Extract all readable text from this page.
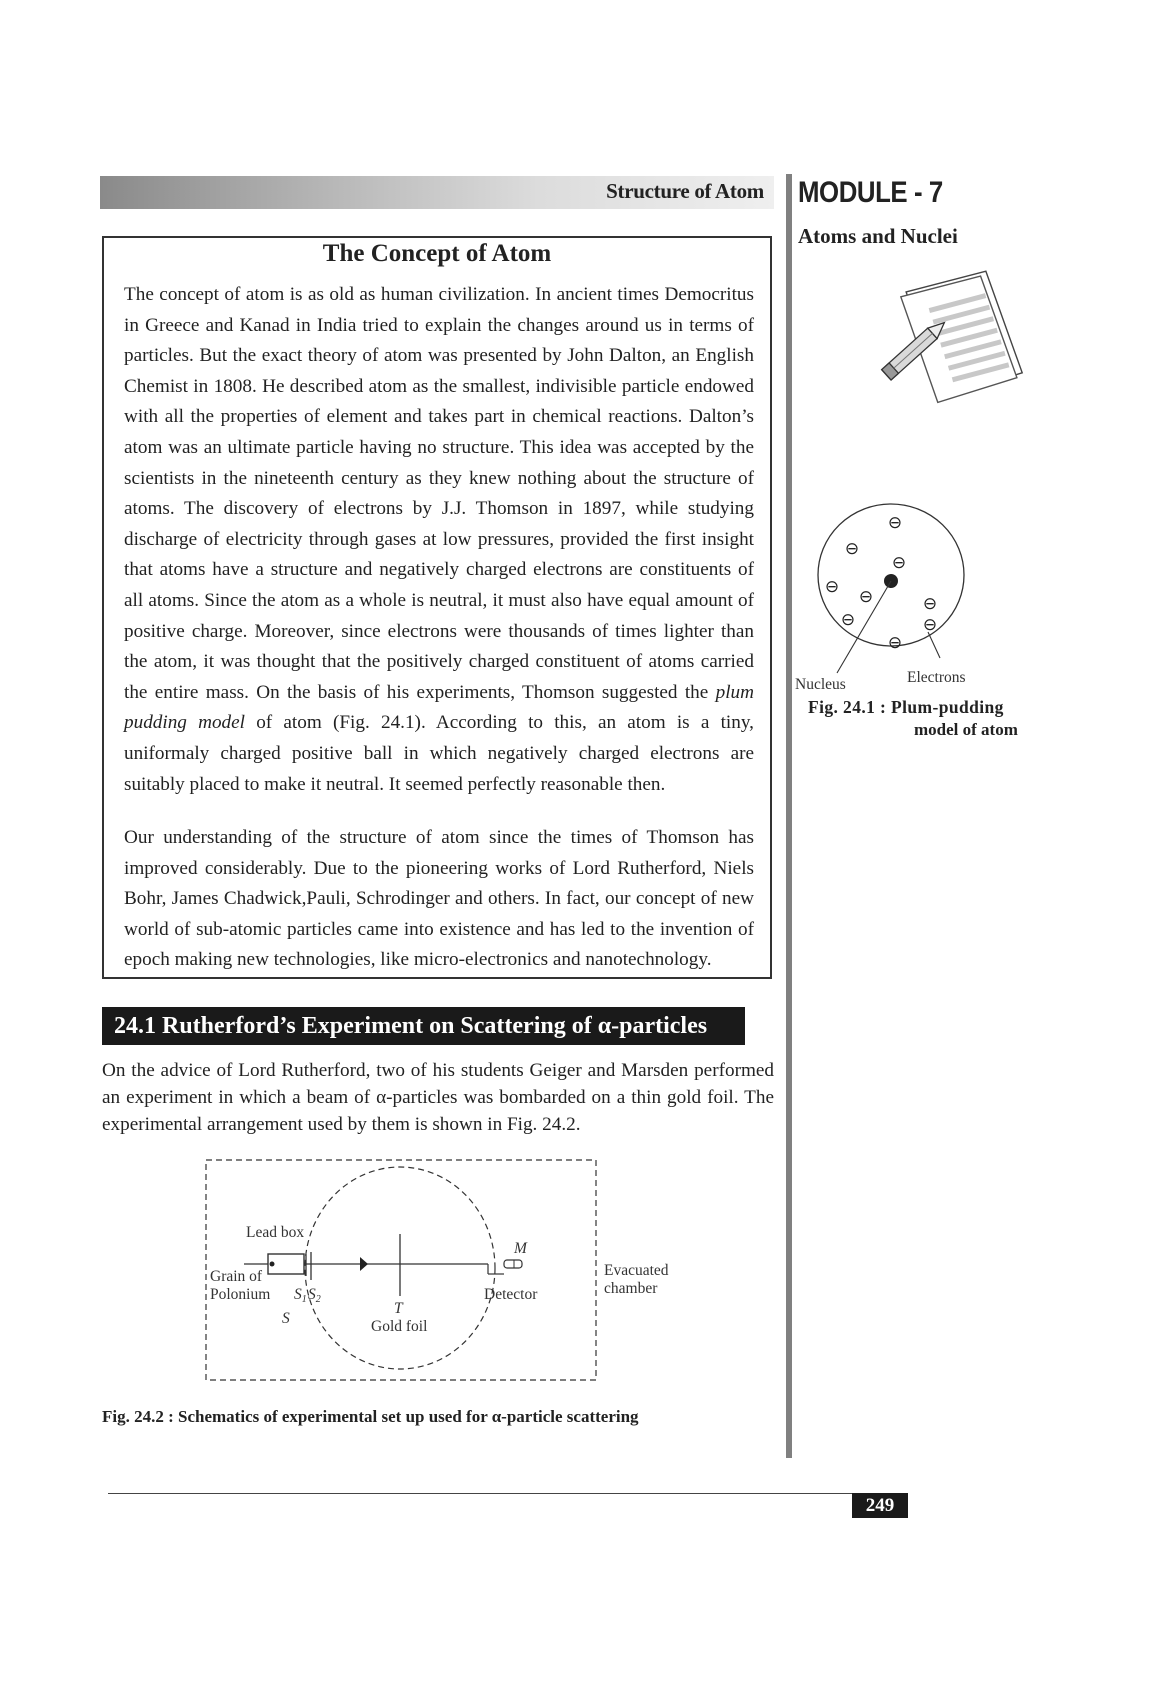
Structure of Atom MODULE - 7
Atoms and Nuclei
⊖
⊖
⊖
⊖ ⊖	⊖
⊖	⊖
⊖
Nucleus	Electrons
Fig. 24.1 : Plum-pudding
model of atom
The Concept of Atom
The concept of atom is as old as human civilization. In ancient times Democritus in Greece and Kanad in India tried to explain the changes around us in terms of particles. But the exact theory of atom was presented by John Dalton, an English Chemist in 1808. He described atom as the smallest, indivisible particle endowed with all the properties of element and takes part in chemical reactions. Dalton’s atom was an ultimate particle having no structure. This idea was accepted by the scientists in the nineteenth century as they knew nothing about the structure of atoms. The discovery of electrons by J.J. Thomson in 1897, while studying discharge of electricity through gases at low pressures, provided the first insight that atoms have a structure and negatively charged electrons are constituents of all atoms. Since the atom as a whole is neutral, it must also have equal amount of positive charge. Moreover, since electrons were thousands of times lighter than the atom, it was thought that the positively charged constituent of atoms carried the entire mass. On the basis of his experiments, Thomson suggested the plum pudding model of atom (Fig. 24.1). According to this, an atom is a tiny, uniformaly charged positive ball in which negatively charged electrons are suitably placed to make it neutral. It seemed perfectly reasonable then.
Our understanding of the structure of atom since the times of Thomson has improved considerably. Due to the pioneering works of Lord Rutherford, Niels Bohr, James Chadwick,Pauli, Schrodinger and others. In fact, our concept of new world of sub-atomic particles came into existence and has led to the invention of epoch making new technologies, like micro-electronics and nanotechnology.
24.1 Rutherford’s Experiment on Scattering of α-particles
On the advice of Lord Rutherford, two of his students Geiger and Marsden performed an experiment in which a beam of α-particles was bombarded on a thin gold foil. The experimental arrangement used by them is shown in Fig. 24.2.
Lead box
Grain of
Polonium S1 S2
S
T
Gold foil
M
Detector
Evacuated
chamber
Fig. 24.2 : Schematics of experimental set up used for α-particle scattering
249
